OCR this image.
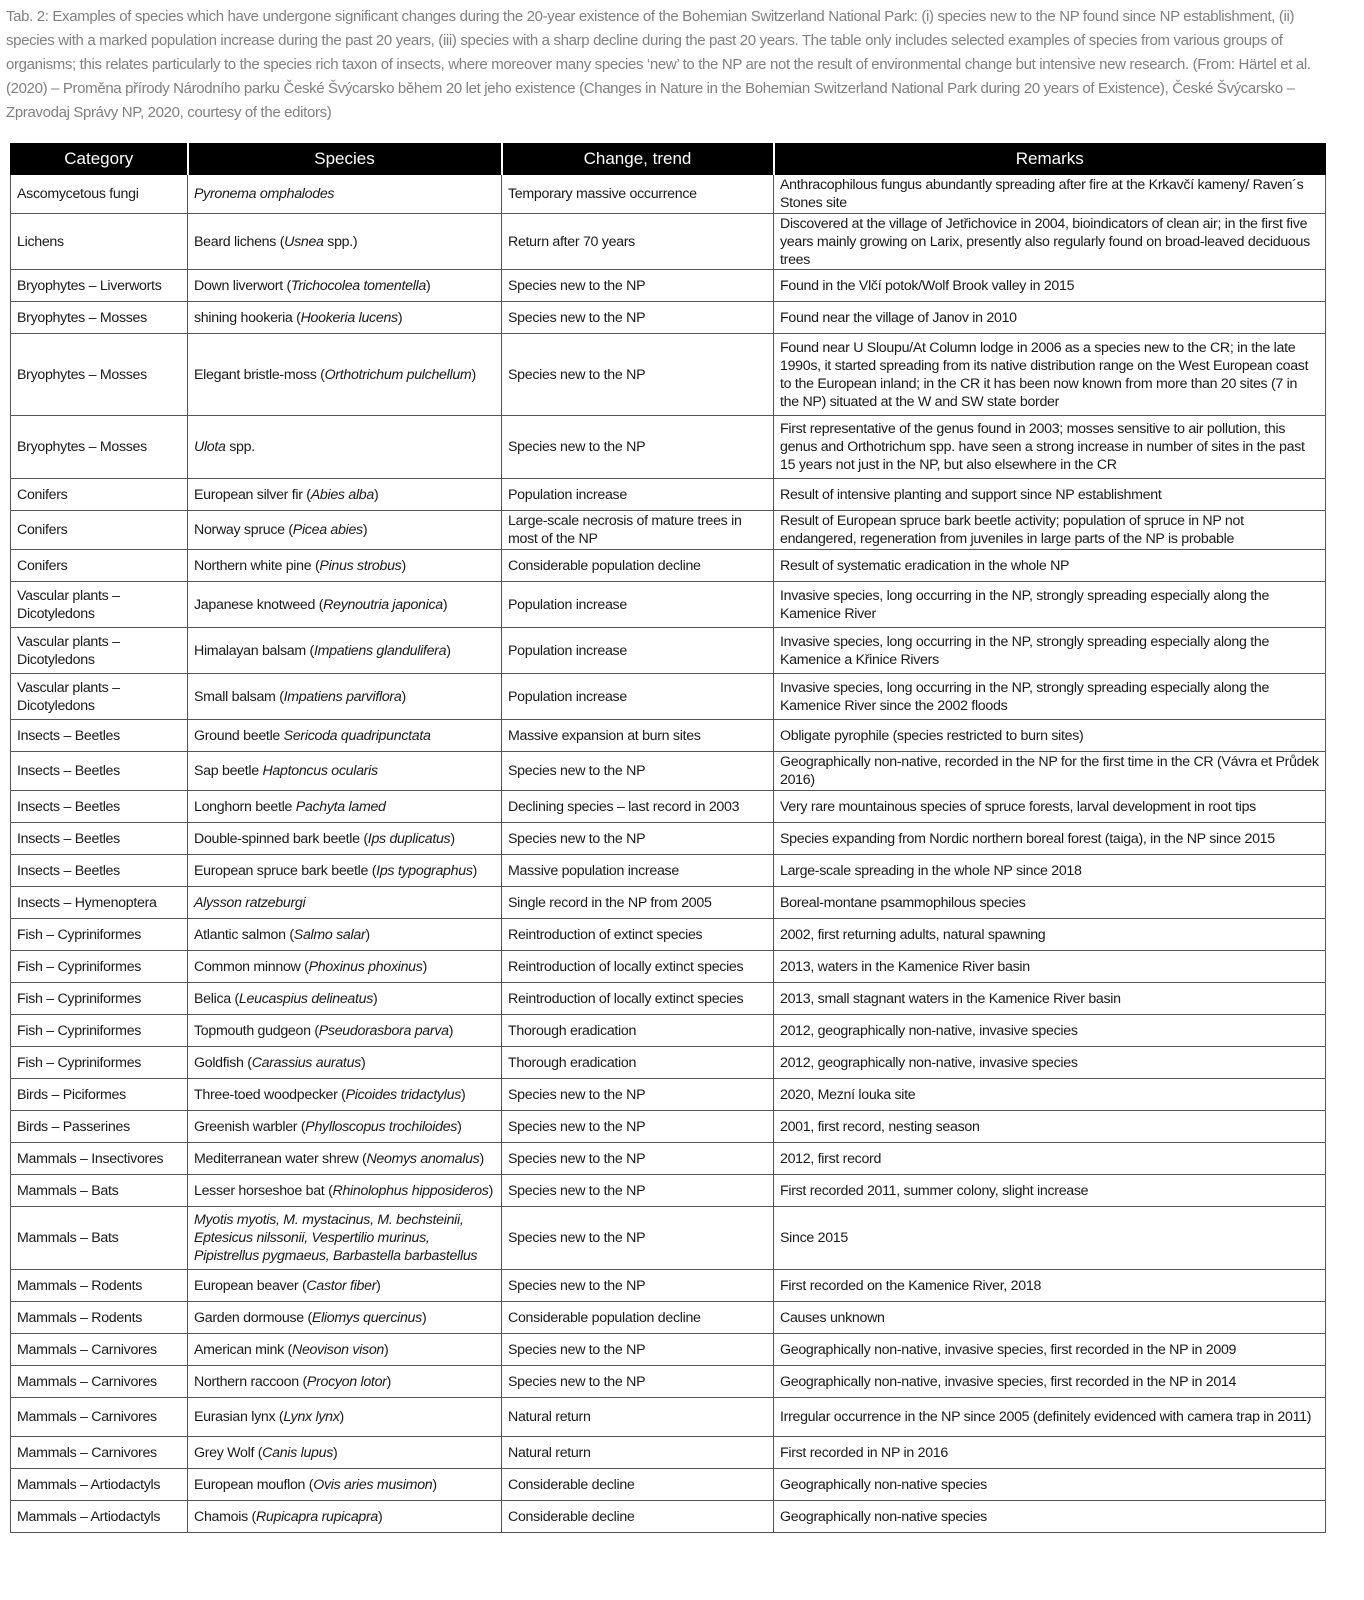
Tab. 2: Examples of species which have undergone significant changes during the 20-year existence of the Bohemian Switzerland National Park: (i) species new to the NP found since NP establishment, (ii) species with a marked population increase during the past 20 years, (iii) species with a sharp decline during the past 20 years. The table only includes selected examples of species from various groups of organisms; this relates particularly to the species rich taxon of insects, where moreover many species ‘new’ to the NP are not the result of environmental change but intensive new research. (From: Härtel et al. (2020) – Proměna přírody Národního parku České Švýcarsko během 20 let jeho existence (Changes in Nature in the Bohemian Switzerland National Park during 20 years of Existence), České Švýcarsko – Zpravodaj Správy NP, 2020, courtesy of the editors)

Category	Species	Change, trend	Remarks
Ascomycetous fungi	Pyronema omphalodes	Temporary massive occurrence	Anthracophilous fungus abundantly spreading after fire at the Krkavčí kameny/ Raven´s Stones site
Lichens	Beard lichens (Usnea spp.)	Return after 70 years	Discovered at the village of Jetřichovice in 2004, bioindicators of clean air; in the first five years mainly growing on Larix, presently also regularly found on broad-leaved deciduous trees
Bryophytes – Liverworts	Down liverwort (Trichocolea tomentella)	Species new to the NP	Found in the Vlčí potok/Wolf Brook valley in 2015
Bryophytes – Mosses	shining hookeria (Hookeria lucens)	Species new to the NP	Found near the village of Janov in 2010
Bryophytes – Mosses	Elegant bristle-moss (Orthotrichum pulchellum)	Species new to the NP	Found near U Sloupu/At Column lodge in 2006 as a species new to the CR; in the late 1990s, it started spreading from its native distribution range on the West European coast to the European inland; in the CR it has been now known from more than 20 sites (7 in the NP) situated at the W and SW state border
Bryophytes – Mosses	Ulota spp.	Species new to the NP	First representative of the genus found in 2003; mosses sensitive to air pollution, this genus and Orthotrichum spp. have seen a strong increase in number of sites in the past 15 years not just in the NP, but also elsewhere in the CR
Conifers	European silver fir (Abies alba)	Population increase	Result of intensive planting and support since NP establishment
Conifers	Norway spruce (Picea abies)	Large-scale necrosis of mature trees in most of the NP	Result of European spruce bark beetle activity; population of spruce in NP not endangered, regeneration from juveniles in large parts of the NP is probable
Conifers	Northern white pine (Pinus strobus)	Considerable population decline	Result of systematic eradication in the whole NP
Vascular plants – Dicotyledons	Japanese knotweed (Reynoutria japonica)	Population increase	Invasive species, long occurring in the NP, strongly spreading especially along the Kamenice River
Vascular plants – Dicotyledons	Himalayan balsam (Impatiens glandulifera)	Population increase	Invasive species, long occurring in the NP, strongly spreading especially along the Kamenice a Křinice Rivers
Vascular plants – Dicotyledons	Small balsam (Impatiens parviflora)	Population increase	Invasive species, long occurring in the NP, strongly spreading especially along the Kamenice River since the 2002 floods
Insects – Beetles	Ground beetle Sericoda quadripunctata	Massive expansion at burn sites	Obligate pyrophile (species restricted to burn sites)
Insects – Beetles	Sap beetle Haptoncus ocularis	Species new to the NP	Geographically non-native, recorded in the NP for the first time in the CR (Vávra et Průdek 2016)
Insects – Beetles	Longhorn beetle Pachyta lamed	Declining species – last record in 2003	Very rare mountainous species of spruce forests, larval development in root tips
Insects – Beetles	Double-spinned bark beetle (Ips duplicatus)	Species new to the NP	Species expanding from Nordic northern boreal forest (taiga), in the NP since 2015
Insects – Beetles	European spruce bark beetle (Ips typographus)	Massive population increase	Large-scale spreading in the whole NP since 2018
Insects – Hymenoptera	Alysson ratzeburgi	Single record in the NP from 2005	Boreal-montane psammophilous species
Fish – Cypriniformes	Atlantic salmon (Salmo salar)	Reintroduction of extinct species	2002, first returning adults, natural spawning
Fish – Cypriniformes	Common minnow (Phoxinus phoxinus)	Reintroduction of locally extinct species	2013, waters in the Kamenice River basin
Fish – Cypriniformes	Belica (Leucaspius delineatus)	Reintroduction of locally extinct species	2013, small stagnant waters in the Kamenice River basin
Fish – Cypriniformes	Topmouth gudgeon (Pseudorasbora parva)	Thorough eradication	2012, geographically non-native, invasive species
Fish – Cypriniformes	Goldfish (Carassius auratus)	Thorough eradication	2012, geographically non-native, invasive species
Birds – Piciformes	Three-toed woodpecker (Picoides tridactylus)	Species new to the NP	2020, Mezní louka site
Birds – Passerines	Greenish warbler (Phylloscopus trochiloides)	Species new to the NP	2001, first record, nesting season
Mammals – Insectivores	Mediterranean water shrew (Neomys anomalus)	Species new to the NP	2012, first record
Mammals – Bats	Lesser horseshoe bat (Rhinolophus hipposideros)	Species new to the NP	First recorded 2011, summer colony, slight increase
Mammals – Bats	Myotis myotis, M. mystacinus, M. bechsteinii, Eptesicus nilssonii, Vespertilio murinus, Pipistrellus pygmaeus, Barbastella barbastellus	Species new to the NP	Since 2015
Mammals – Rodents	European beaver (Castor fiber)	Species new to the NP	First recorded on the Kamenice River, 2018
Mammals – Rodents	Garden dormouse (Eliomys quercinus)	Considerable population decline	Causes unknown
Mammals – Carnivores	American mink (Neovison vison)	Species new to the NP	Geographically non-native, invasive species, first recorded in the NP in 2009
Mammals – Carnivores	Northern raccoon (Procyon lotor)	Species new to the NP	Geographically non-native, invasive species, first recorded in the NP in 2014
Mammals – Carnivores	Eurasian lynx (Lynx lynx)	Natural return	Irregular occurrence in the NP since 2005 (definitely evidenced with camera trap in 2011)
Mammals – Carnivores	Grey Wolf (Canis lupus)	Natural return	First recorded in NP in 2016
Mammals – Artiodactyls	European mouflon (Ovis aries musimon)	Considerable decline	Geographically non-native species
Mammals – Artiodactyls	Chamois (Rupicapra rupicapra)	Considerable decline	Geographically non-native species
